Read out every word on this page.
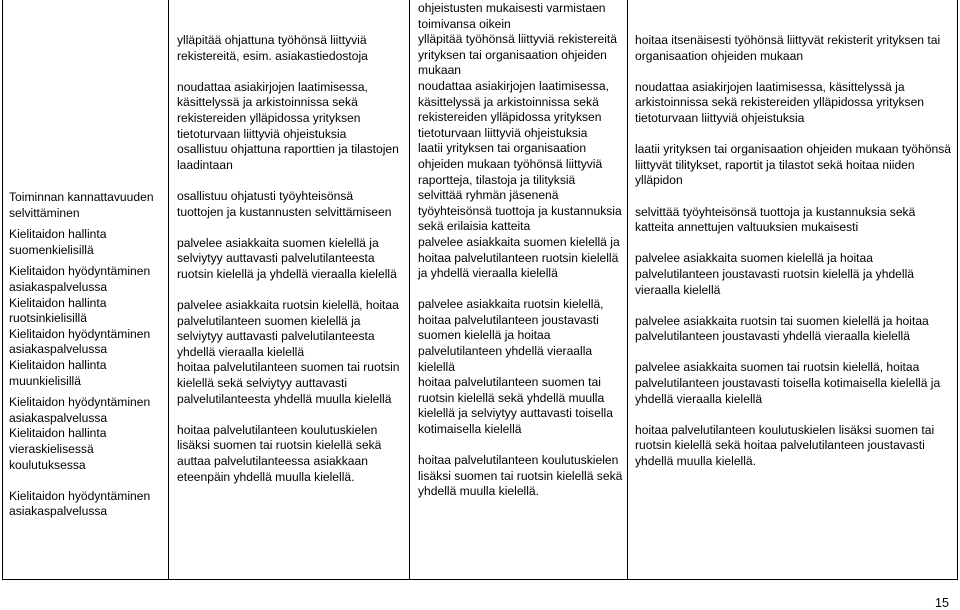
Toiminnan kannattavuuden selvittäminen

Kielitaidon hallinta suomenkielisillä

Kielitaidon hyödyntäminen asiakaspalvelussa

Kielitaidon hallinta ruotsinkielisillä

Kielitaidon hyödyntäminen asiakaspalvelussa

Kielitaidon hallinta muunkielisillä

Kielitaidon hyödyntäminen asiakaspalvelussa

Kielitaidon hallinta vieraskielisessä koulutuksessa

Kielitaidon hyödyntäminen asiakaspalvelussa

ylläpitää ohjattuna työhönsä liittyviä rekistereitä, esim. asiakastiedostoja

noudattaa asiakirjojen laatimisessa, käsittelyssä ja arkistoinnissa sekä rekistereiden ylläpidossa yrityksen tietoturvaan liittyviä ohjeistuksia

osallistuu ohjattuna raporttien ja tilastojen laadintaan

osallistuu ohjatusti työyhteisönsä tuottojen ja kustannusten selvittämiseen

palvelee asiakkaita suomen kielellä ja selviytyy auttavasti palvelutilanteesta ruotsin kielellä ja yhdellä vieraalla kielellä

palvelee asiakkaita ruotsin kielellä, hoitaa palvelutilanteen suomen kielellä ja selviytyy auttavasti palvelutilanteesta yhdellä vieraalla kielellä

hoitaa palvelutilanteen suomen tai ruotsin kielellä sekä selviytyy auttavasti palvelutilanteesta yhdellä muulla kielellä

hoitaa palvelutilanteen koulutuskielen lisäksi suomen tai ruotsin kielellä sekä auttaa palvelutilanteessa asiakkaan eteenpäin yhdellä muulla kielellä.

ohjeistusten mukaisesti varmistaen toimivansa oikein

ylläpitää työhönsä liittyviä rekistereitä yrityksen tai organisaation ohjeiden mukaan

noudattaa asiakirjojen laatimisessa, käsittelyssä ja arkistoinnissa sekä rekistereiden ylläpidossa yrityksen tietoturvaan liittyviä ohjeistuksia

laatii yrityksen tai organisaation ohjeiden mukaan työhönsä liittyviä raportteja, tilastoja ja tilityksiä

selvittää ryhmän jäsenenä työyhteisönsä tuottoja ja kustannuksia sekä erilaisia katteita

palvelee asiakkaita suomen kielellä ja hoitaa palvelutilanteen ruotsin kielellä ja yhdellä vieraalla kielellä

palvelee asiakkaita ruotsin kielellä, hoitaa palvelutilanteen joustavasti suomen kielellä ja hoitaa palvelutilanteen yhdellä vieraalla kielellä

hoitaa palvelutilanteen suomen tai ruotsin kielellä sekä yhdellä muulla kielellä ja selviytyy auttavasti toisella kotimaisella kielellä

hoitaa palvelutilanteen koulutuskielen lisäksi suomen tai ruotsin kielellä sekä yhdellä muulla kielellä.

hoitaa itsenäisesti työhönsä liittyvät rekisterit yrityksen tai organisaation ohjeiden mukaan

noudattaa asiakirjojen laatimisessa, käsittelyssä ja arkistoinnissa sekä rekistereiden ylläpidossa yrityksen tietoturvaan liittyviä ohjeistuksia

laatii yrityksen tai organisaation ohjeiden mukaan työhönsä liittyvät tilitykset, raportit ja tilastot sekä hoitaa niiden ylläpidon

selvittää työyhteisönsä tuottoja ja kustannuksia sekä katteita annettujen valtuuksien mukaisesti

palvelee asiakkaita suomen kielellä ja hoitaa palvelutilanteen joustavasti ruotsin kielellä ja yhdellä vieraalla kielellä

palvelee asiakkaita ruotsin tai suomen kielellä ja hoitaa palvelutilanteen joustavasti yhdellä vieraalla kielellä

palvelee asiakkaita suomen tai ruotsin kielellä, hoitaa palvelutilanteen joustavasti toisella kotimaisella kielellä ja yhdellä vieraalla kielellä

hoitaa palvelutilanteen koulutuskielen lisäksi suomen tai ruotsin kielellä sekä hoitaa palvelutilanteen joustavasti yhdellä muulla kielellä.

15
